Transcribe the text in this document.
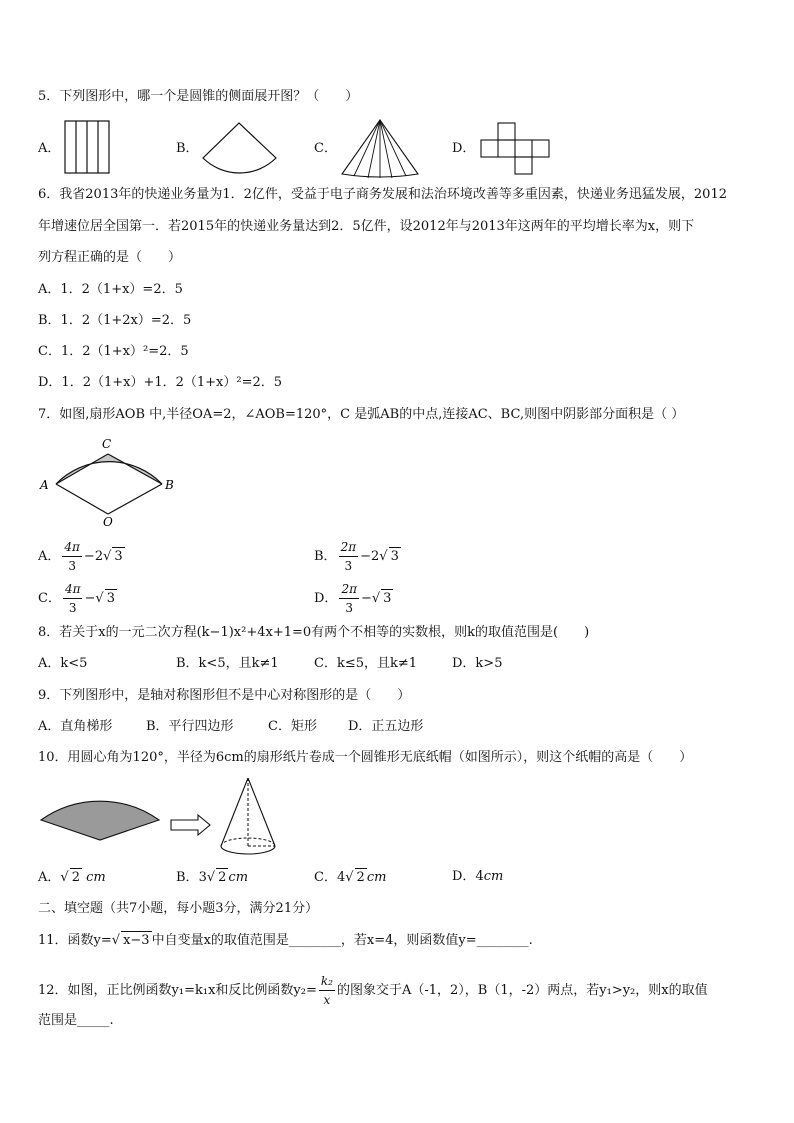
5．下列图形中，哪一个是圆锥的侧面展开图？（　　）
A．	B．	C．	D．
6．我省2013年的快递业务量为1．2亿件，受益于电子商务发展和法治环境改善等多重因素，快递业务迅猛发展，2012
年增速位居全国第一．若2015年的快递业务量达到2．5亿件，设2012年与2013年这两年的平均增长率为x，则下
列方程正确的是（　　）
A．1．2（1+x）=2．5
B．1．2（1+2x）=2．5
C．1．2（1+x）²=2．5
D．1．2（1+x）+1．2（1+x）²=2．5
7．如图,扇形AOB 中,半径OA=2，∠AOB=120°，C 是弧AB的中点,连接AC、BC,则图中阴影部分面积是（ ）
C
A	B
O
A． $\frac{4\pi}{3} -2√$ 3	B． $\frac{2\pi}{3} -2√$ 3
C． $\frac{4\pi}{3}$ −√ 3	D． $\frac{2\pi}{3}$ −√ 3
8．若关于x的一元二次方程(k−1)x²+4x+1=0有两个不相等的实数根，则k的取值范围是(　　)
A．k<5	B．k<5，且k≠1	C．k≤5，且k≠1	D．k>5
9．下列图形中，是轴对称图形但不是中心对称图形的是（　　）
A．直角梯形	B．平行四边形	C．矩形 D．正五边形
10．用圆心角为120°，半径为6cm的扇形纸片卷成一个圆锥形无底纸帽（如图所示），则这个纸帽的高是（　　）
A．√ 2 cm	B．3√ 2 cm	C．4√ 2 cm	D．4cm
二、填空题（共7小题，每小题3分，满分21分）
11．函数y=√ x−3 中自变量x的取值范围是________，若x=4，则函数值y=________.
12．如图，正比例函数y₁=k₁x和反比例函数$y_2= \frac{\text{k₂}}{x}$ 的图象交于A（-1，2），B（1，-2）两点，若y₁>y₂，则x的取值
范围是_____.
